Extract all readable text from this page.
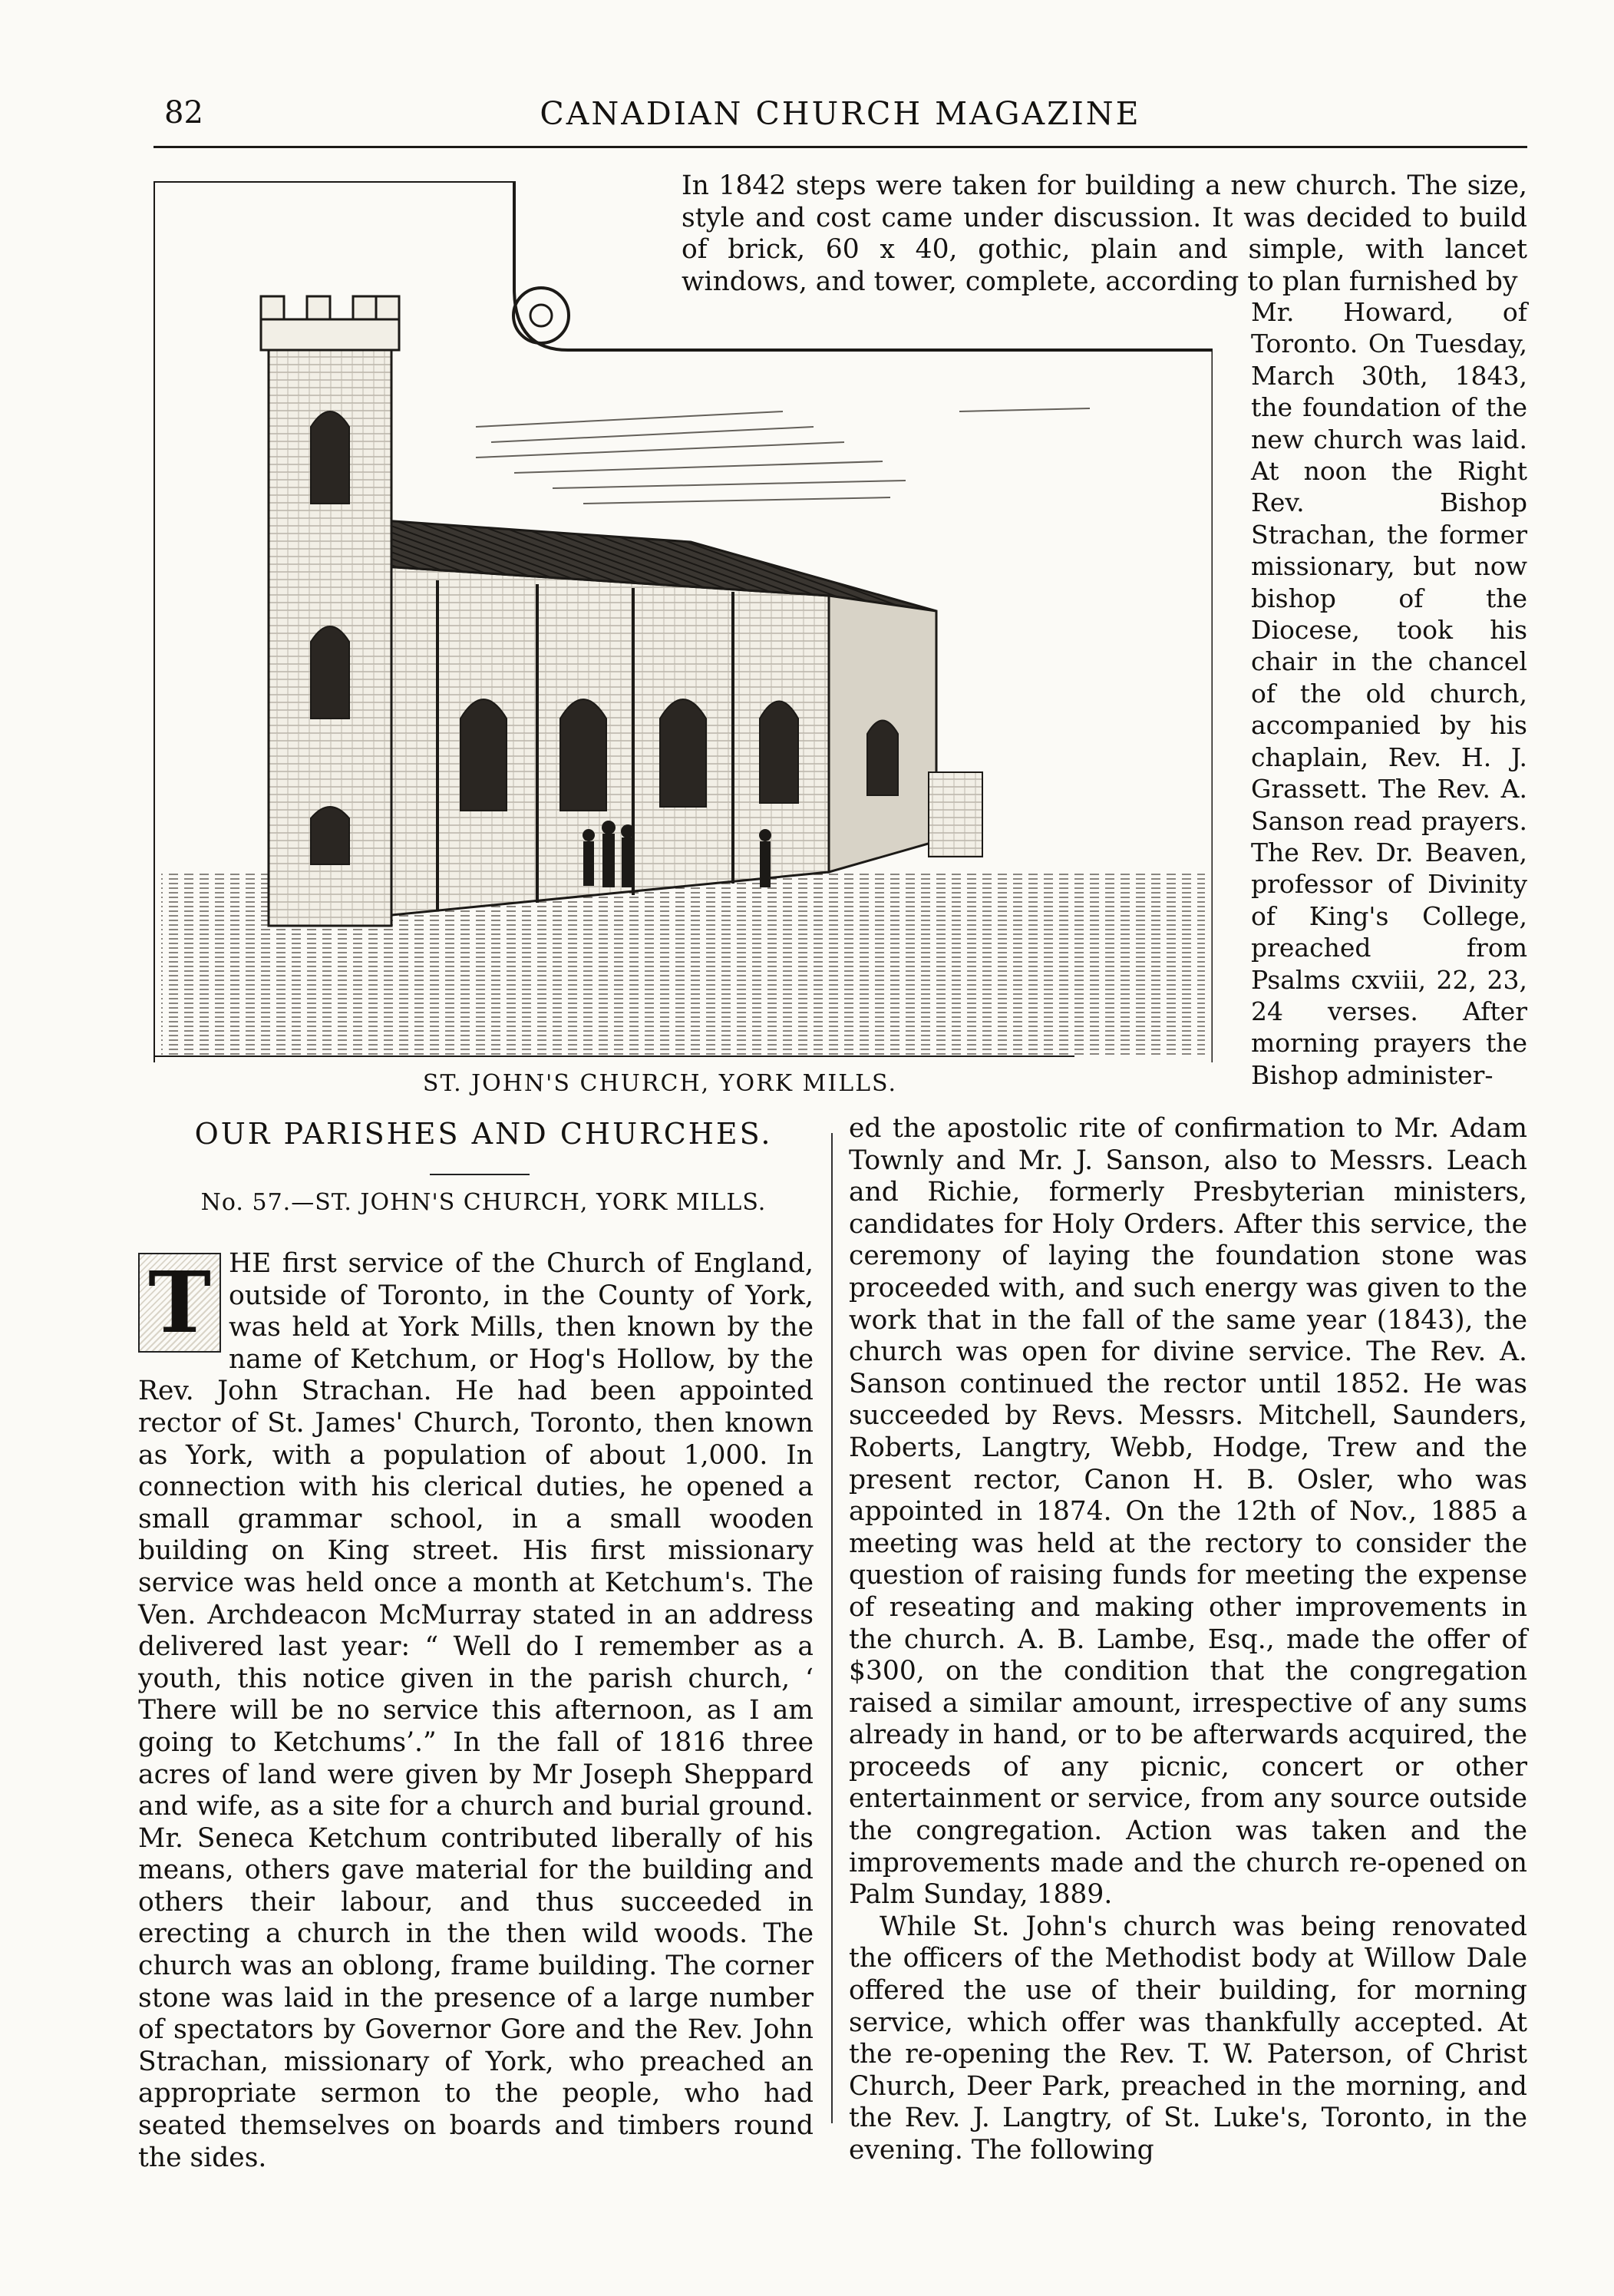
82	CANADIAN CHURCH MAGAZINE
ST. JOHN'S CHURCH, YORK MILLS.

In 1842 steps were taken for building a new church. The size, style and cost came under discussion. It was decided to build of brick, 60 x 40, gothic, plain and simple, with lancet windows, and tower, complete, according to plan furnished by

Mr. Howard, of Toronto. On Tuesday, March 30th, 1843, the foundation of the new church was laid. At noon the Right Rev. Bishop Strachan, the former missionary, but now bishop of the Diocese, took his chair in the chancel of the old church, accompanied by his chaplain, Rev. H. J. Grassett. The Rev. A. Sanson read prayers. The Rev. Dr. Beaven, professor of Divinity of King's College, preached from Psalms cxviii, 22, 23, 24 verses. After morning prayers the Bishop administer-

OUR PARISHES AND CHURCHES.
No. 57.—ST. JOHN'S CHURCH, YORK MILLS.
T HE first service of the Church of England, outside of Toronto, in the County of York, was held at York Mills, then known by the name of Ketchum, or Hog's Hollow, by the Rev. John Strachan. He had been appointed rector of St. James' Church, Toronto, then known as York, with a population of about 1,000. In connection with his clerical duties, he opened a small grammar school, in a small wooden building on King street. His first missionary service was held once a month at Ketchum's. The Ven. Archdeacon McMurray stated in an address delivered last year: “ Well do I remember as a youth, this notice given in the parish church, ‘ There will be no service this afternoon, as I am going to Ketchums’.” In the fall of 1816 three acres of land were given by Mr Joseph Sheppard and wife, as a site for a church and burial ground. Mr. Seneca Ketchum contributed liberally of his means, others gave material for the building and others their labour, and thus succeeded in erecting a church in the then wild woods. The church was an oblong, frame building. The corner stone was laid in the presence of a large number of spectators by Governor Gore and the Rev. John Strachan, missionary of York, who preached an appropriate sermon to the people, who had seated themselves on boards and timbers round the sides.

ed the apostolic rite of confirmation to Mr. Adam Townly and Mr. J. Sanson, also to Messrs. Leach and Richie, formerly Presbyterian ministers, candidates for Holy Orders. After this service, the ceremony of laying the foundation stone was proceeded with, and such energy was given to the work that in the fall of the same year (1843), the church was open for divine service. The Rev. A. Sanson continued the rector until 1852. He was succeeded by Revs. Messrs. Mitchell, Saunders, Roberts, Langtry, Webb, Hodge, Trew and the present rector, Canon H. B. Osler, who was appointed in 1874. On the 12th of Nov., 1885 a meeting was held at the rectory to consider the question of raising funds for meeting the expense of reseating and making other improvements in the church. A. B. Lambe, Esq., made the offer of $300, on the condition that the congregation raised a similar amount, irrespective of any sums already in hand, or to be afterwards acquired, the proceeds of any picnic, concert or other entertainment or service, from any source outside the congregation. Action was taken and the improvements made and the church re-opened on Palm Sunday, 1889.

While St. John's church was being renovated the officers of the Methodist body at Willow Dale offered the use of their building, for morning service, which offer was thankfully accepted. At the re-opening the Rev. T. W. Paterson, of Christ Church, Deer Park, preached in the morning, and the Rev. J. Langtry, of St. Luke's, Toronto, in the evening. The following
